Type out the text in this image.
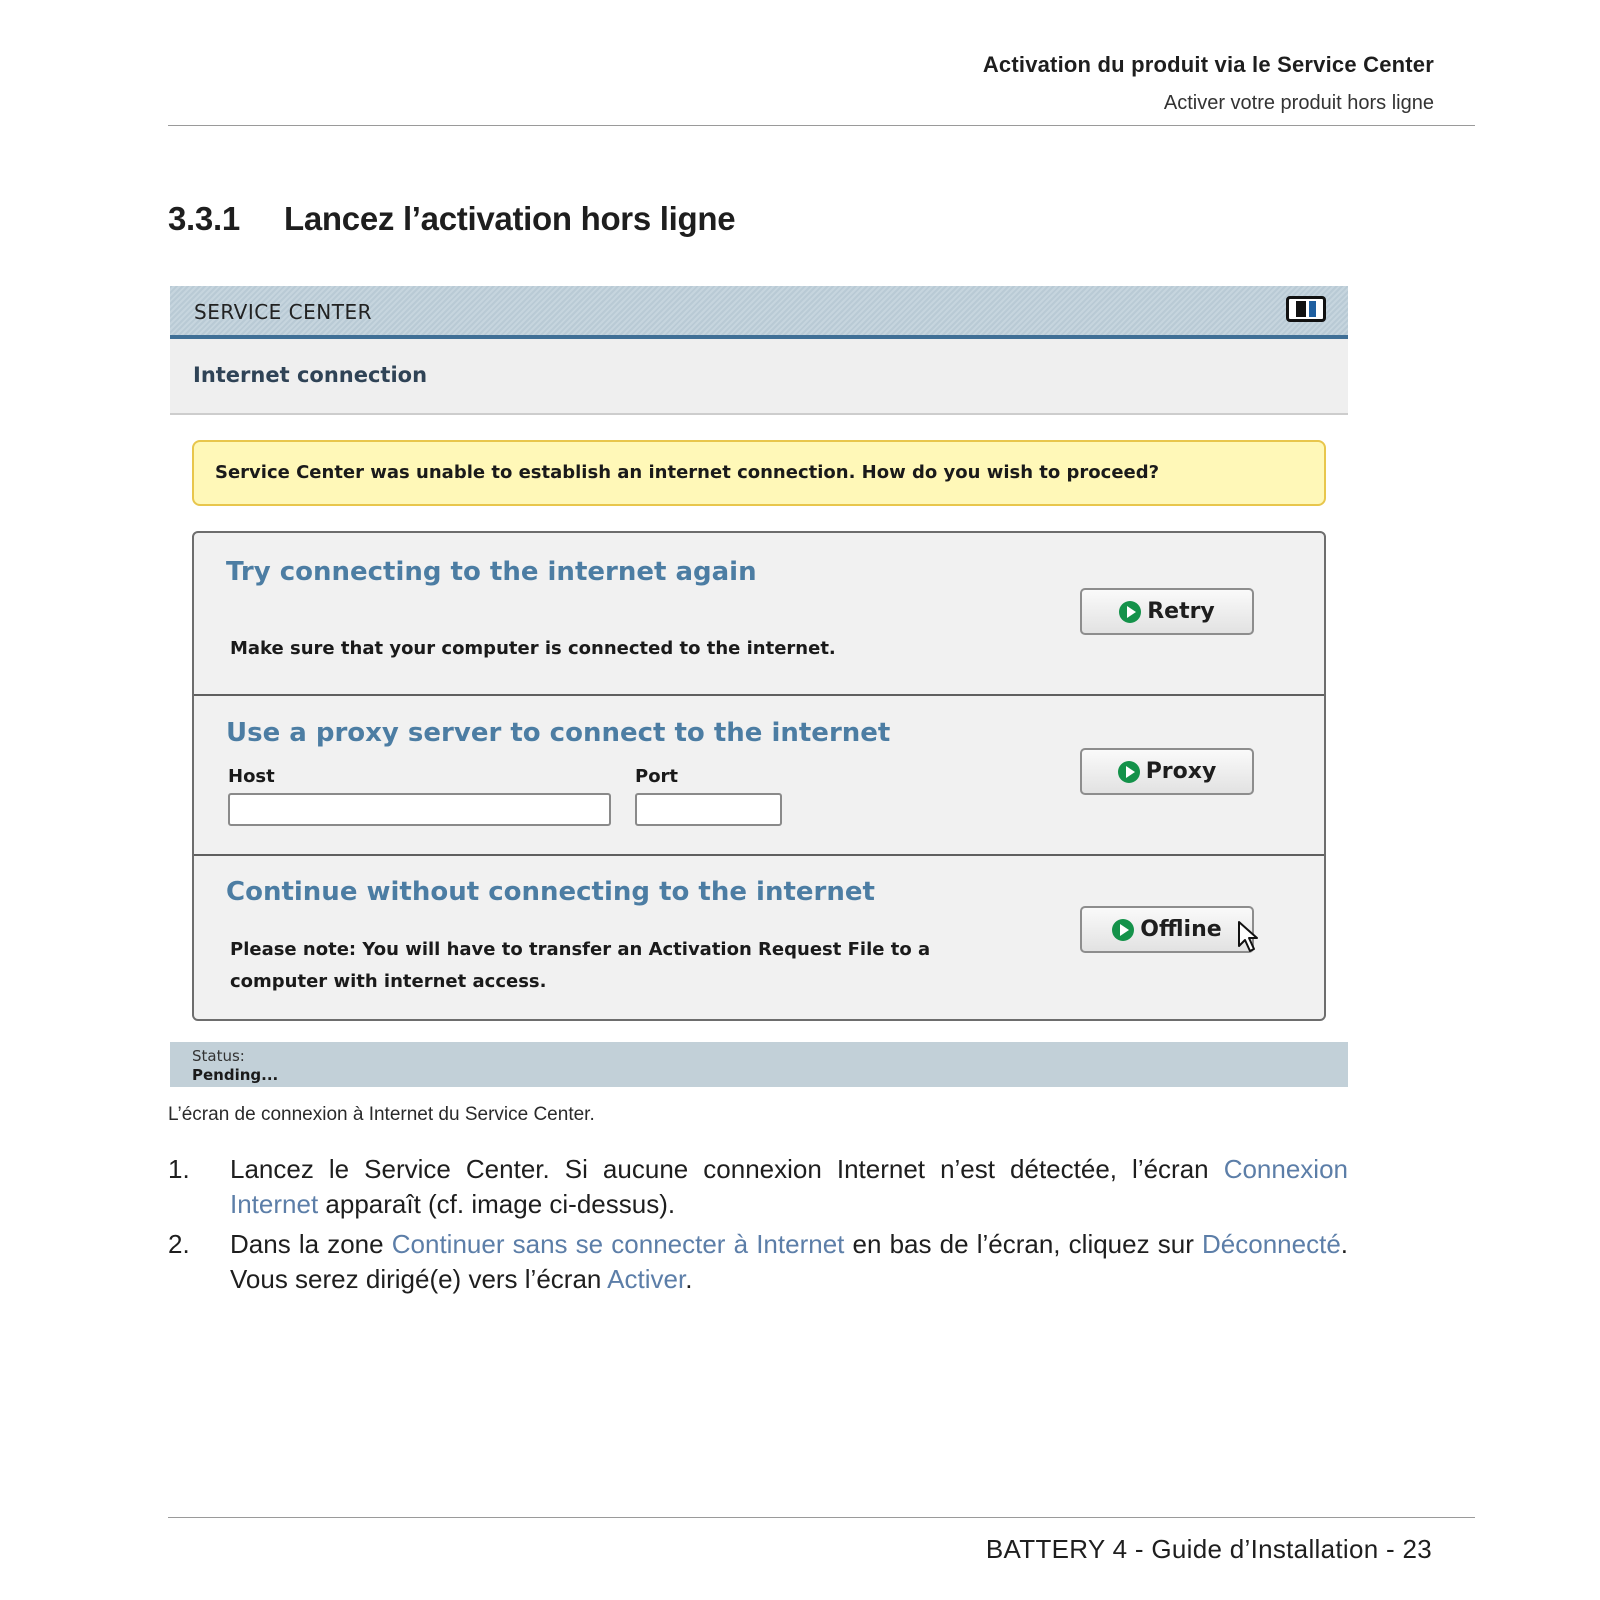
Activation du produit via le Service Center
Activer votre produit hors ligne
3.3.1 Lancez l’activation hors ligne
SERVICE CENTER
Internet connection
Service Center was unable to establish an internet connection. How do you wish to proceed?
Try connecting to the internet again
Make sure that your computer is connected to the internet.
Retry
Use a proxy server to connect to the internet
Host	Port	Proxy
Continue without connecting to the internet
Please note: You will have to transfer an Activation Request File to a computer with internet access.
Offline
Status:
Pending...
L’écran de connexion à Internet du Service Center.
1. Lancez le Service Center. Si aucune connexion Internet n’est détectée, l’écran Connexion Internet apparaît (cf. image ci-dessus).
2. Dans la zone Continuer sans se connecter à Internet en bas de l’écran, cliquez sur Déconnecté. Vous serez dirigé(e) vers l’écran Activer.
BATTERY 4 - Guide d’Installation - 23
